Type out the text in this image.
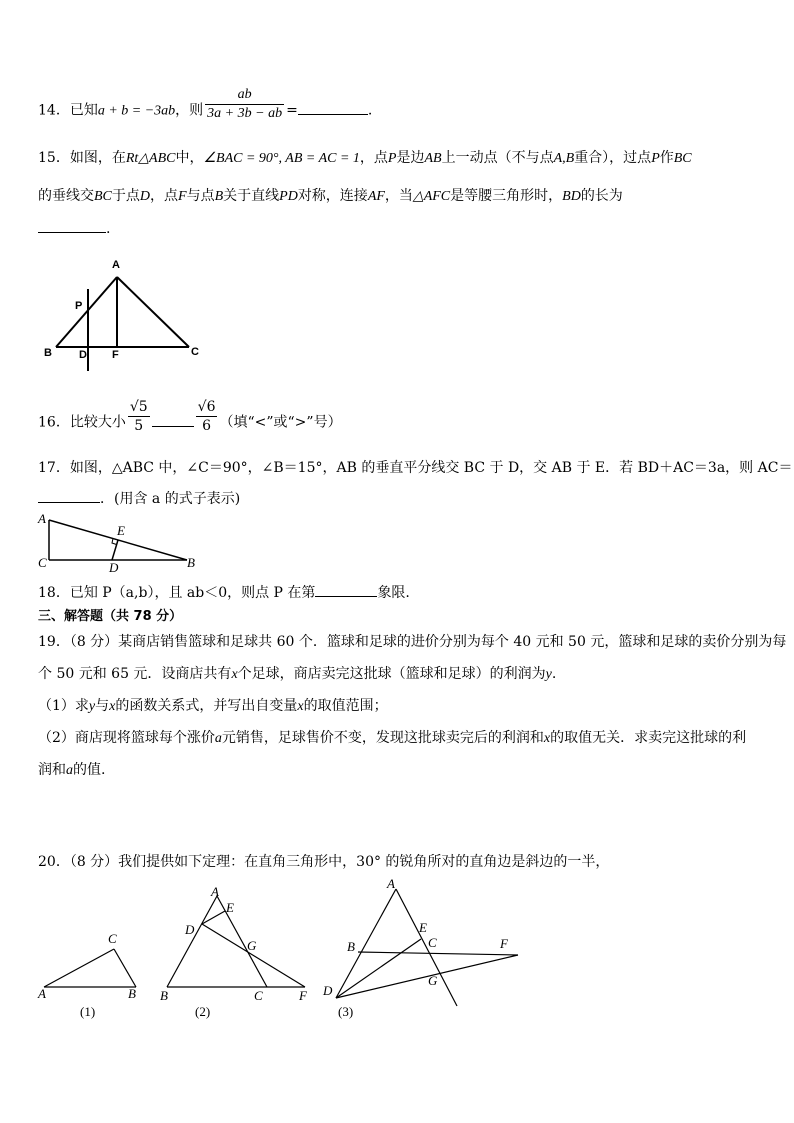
14．已知a + b = −3ab，则 $\frac{ab}{3a + 3b - ab}$ =	.
15．如图，在Rt△ABC中，∠BAC = 90°, AB = AC = 1，点P是边AB上一动点（不与点A,B重合），过点P作BC
的垂线交BC于点D，点F与点B关于直线PD对称，连接AF，当△AFC是等腰三角形时，BD的长为
.
A
P
B D F	C
16．比较大小 $\frac{√5}{5}$	$\frac{√6}{6}$ （填“<”或“>”号）
17．如图，△ABC 中，∠C＝90°，∠B＝15°，AB 的垂直平分线交 BC 于 D，交 AB 于 E．若 BD＋AC＝3a，则 AC＝
．(用含 a 的式子表示)
A
E
C	D	B
18．已知 P（a,b），且 ab＜0，则点 P 在第	象限.
三、解答题（共 78 分）
19．（8 分）某商店销售篮球和足球共 60 个．篮球和足球的进价分别为每个 40 元和 50 元，篮球和足球的卖价分别为每
个 50 元和 65 元．设商店共有x个足球，商店卖完这批球（篮球和足球）的利润为y.
（1）求y与x的函数关系式，并写出自变量x的取值范围；
（2）商店现将篮球每个涨价a元销售，足球售价不变，发现这批球卖完后的利润和x的取值无关．求卖完这批球的利
润和a的值.
20．（8 分）我们提供如下定理：在直角三角形中，30° 的锐角所对的直角边是斜边的一半，
C
A	B
(1)
A
E
D
G
B	C	F
(2)
A
E
B	C	F
G
D
(3)
